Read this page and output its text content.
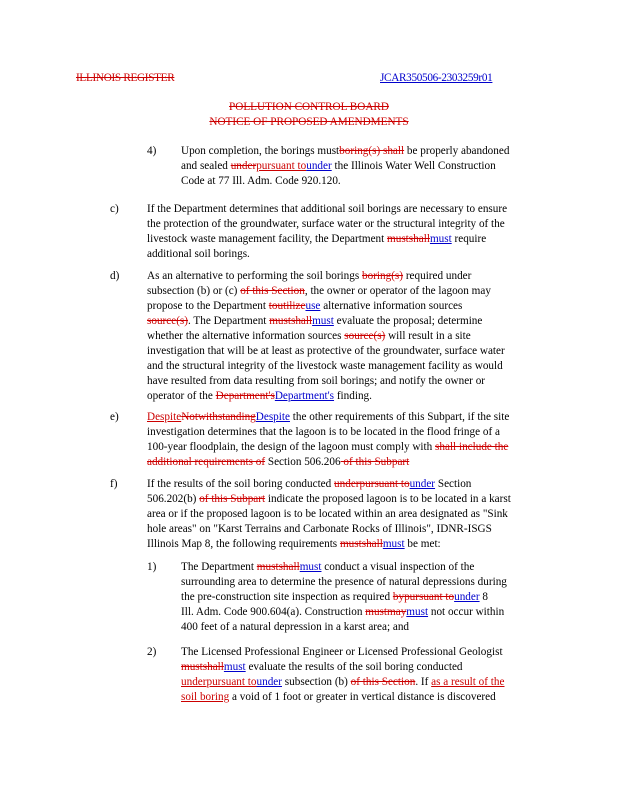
ILLINOIS REGISTER	JCAR350506-2303259r01
POLLUTION CONTROL BOARD
NOTICE OF PROPOSED AMENDMENTS
4) Upon completion, the borings mustboring(s) shall be properly abandoned
and sealed underpursuant tounder the Illinois Water Well Construction
Code at 77 Ill. Adm. Code 920.120.
c)	If the Department determines that additional soil borings are necessary to ensure
the protection of the groundwater, surface water or the structural integrity of the
livestock waste management facility, the Department mustshallmust require
additional soil borings.
d) As an alternative to performing the soil borings boring(s) required under
subsection (b) or (c) of this Section, the owner or operator of the lagoon may
propose to the Department toutilizeuse alternative information sources
source(s). The Department mustshallmust evaluate the proposal; determine
whether the alternative information sources source(s) will result in a site
investigation that will be at least as protective of the groundwater, surface water
and the structural integrity of the livestock waste management facility as would
have resulted from data resulting from soil borings; and notify the owner or
operator of the Department'sDepartment's finding.
e)	DespiteNotwithstandingDespite the other requirements of this Subpart, if the site
investigation determines that the lagoon is to be located in the flood fringe of a
100-year floodplain, the design of the lagoon must comply with shall include the
additional requirements of Section 506.206 of this Subpart
f)	If the results of the soil boring conducted underpursuant tounder Section
506.202(b) of this Subpart indicate the proposed lagoon is to be located in a karst
area or if the proposed lagoon is to be located within an area designated as "Sink
hole areas" on "Karst Terrains and Carbonate Rocks of Illinois", IDNR-ISGS
Illinois Map 8, the following requirements mustshallmust be met:
1) The Department mustshallmust conduct a visual inspection of the
surrounding area to determine the presence of natural depressions during
the pre-construction site inspection as required bypursuant tounder 8
Ill. Adm. Code 900.604(a). Construction mustmaymust not occur within
400 feet of a natural depression in a karst area; and
2) The Licensed Professional Engineer or Licensed Professional Geologist
mustshallmust evaluate the results of the soil boring conducted
underpursuant tounder subsection (b) of this Section. If as a result of the
soil boring a void of 1 foot or greater in vertical distance is discovered
